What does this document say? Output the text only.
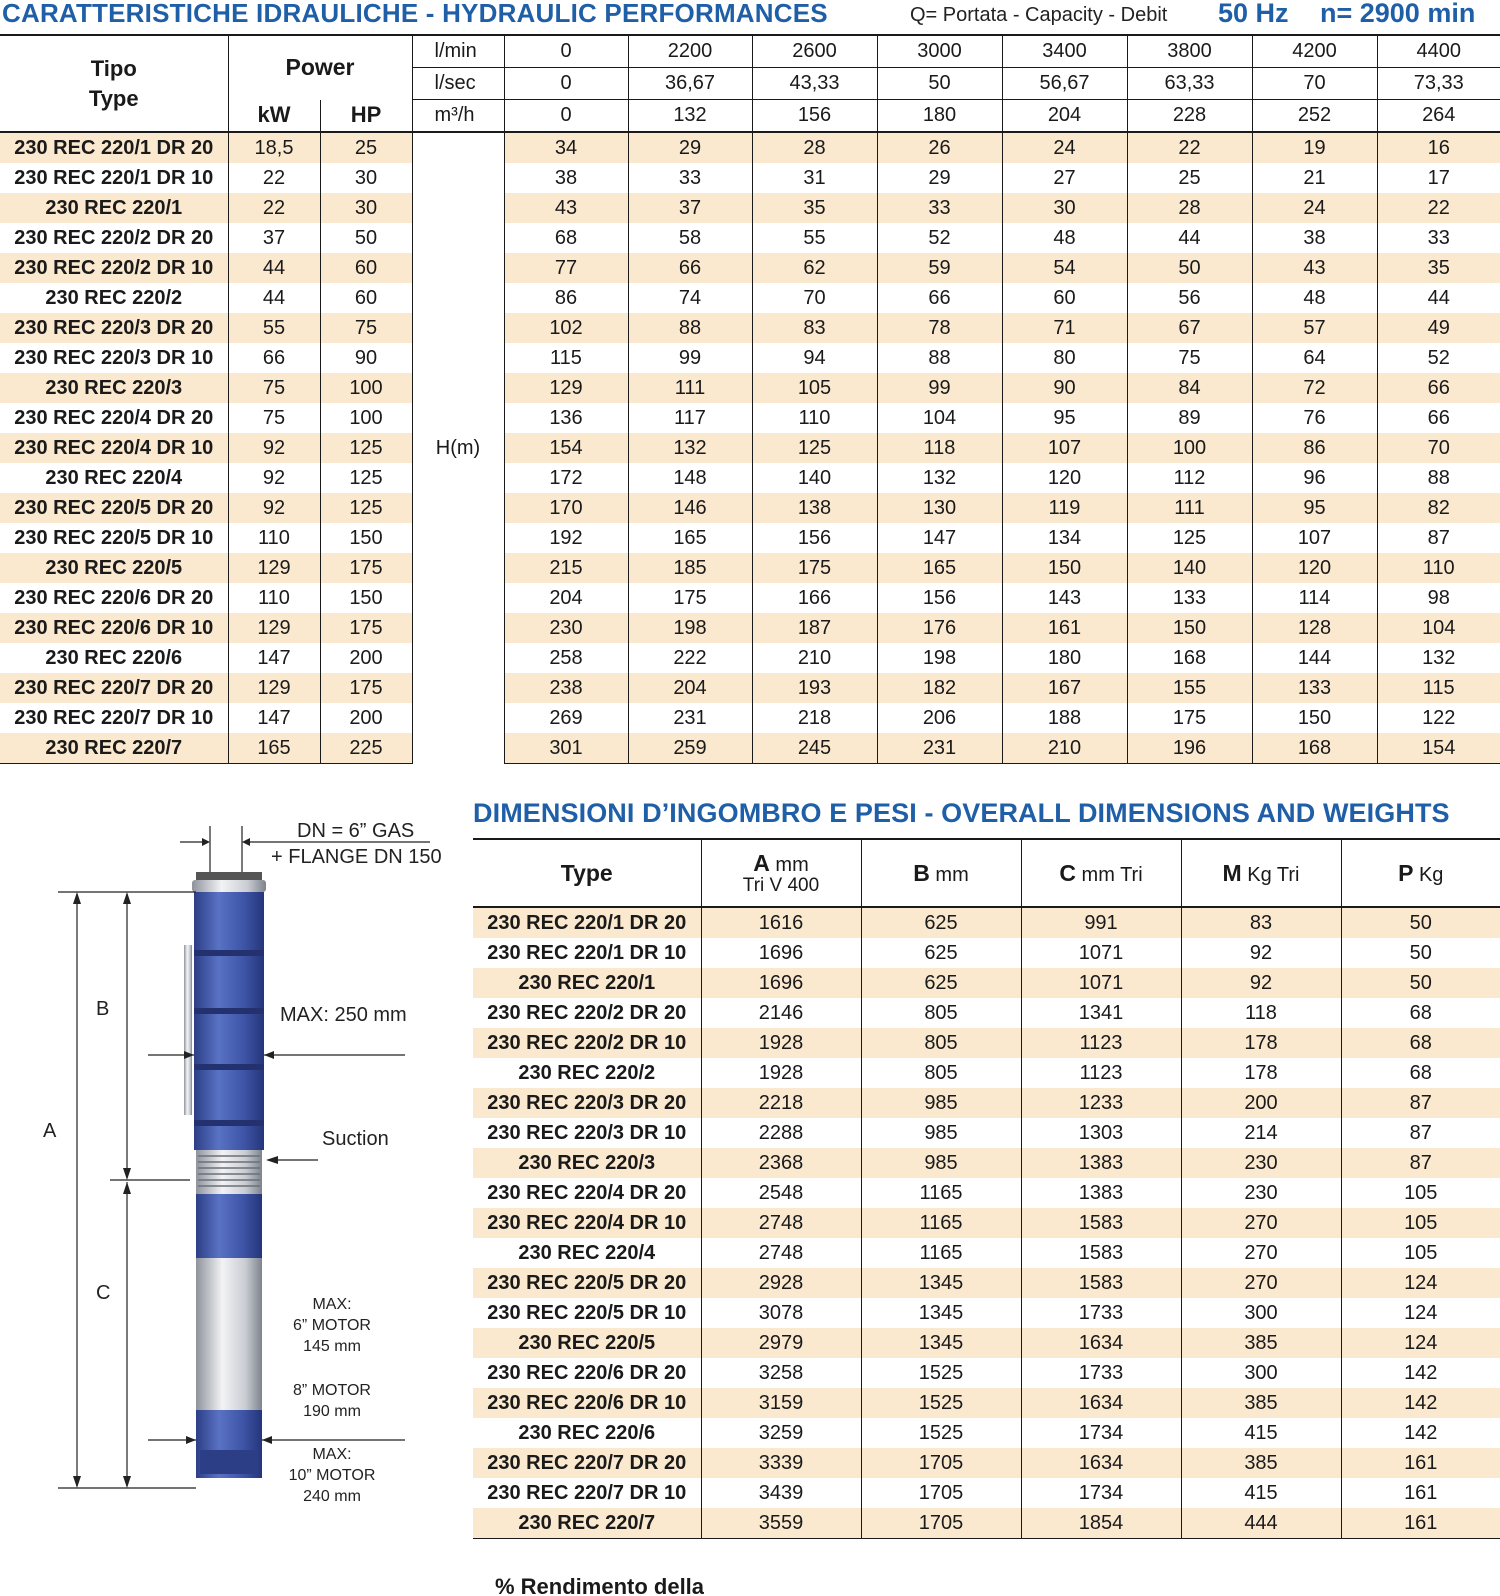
CARATTERISTICHE IDRAULICHE - HYDRAULIC PERFORMANCES	Q= Portata - Capacity - Debit 50 Hz n= 2900 min
Tipo
Type	Power		l/min	0	2200	2600	3000	3400	3800	4200	4400
			l/sec	0	36,67	43,33	50	56,67	63,33	70	73,33
	kW	HP	m³/h	0	132	156	180	204	228	252	264
230 REC 220/1 DR 20	18,5	25	H(m)	34	29	28	26	24	22	19	16
230 REC 220/1 DR 10	22	30		38	33	31	29	27	25	21	17
230 REC 220/1	22	30		43	37	35	33	30	28	24	22
230 REC 220/2 DR 20	37	50		68	58	55	52	48	44	38	33
230 REC 220/2 DR 10	44	60		77	66	62	59	54	50	43	35
230 REC 220/2	44	60		86	74	70	66	60	56	48	44
230 REC 220/3 DR 20	55	75		102	88	83	78	71	67	57	49
230 REC 220/3 DR 10	66	90		115	99	94	88	80	75	64	52
230 REC 220/3	75	100		129	111	105	99	90	84	72	66
230 REC 220/4 DR 20	75	100		136	117	110	104	95	89	76	66
230 REC 220/4 DR 10	92	125		154	132	125	118	107	100	86	70
230 REC 220/4	92	125		172	148	140	132	120	112	96	88
230 REC 220/5 DR 20	92	125		170	146	138	130	119	111	95	82
230 REC 220/5 DR 10	110	150		192	165	156	147	134	125	107	87
230 REC 220/5	129	175		215	185	175	165	150	140	120	110
230 REC 220/6 DR 20	110	150		204	175	166	156	143	133	114	98
230 REC 220/6 DR 10	129	175		230	198	187	176	161	150	128	104
230 REC 220/6	147	200		258	222	210	198	180	168	144	132
230 REC 220/7 DR 20	129	175		238	204	193	182	167	155	133	115
230 REC 220/7 DR 10	147	200		269	231	218	206	188	175	150	122
230 REC 220/7	165	225		301	259	245	231	210	196	168	154
DN = 6” GAS
+ FLANGE DN 150
MAX: 250 mm
Suction
A
B
C
MAX:
6” MOTOR
145 mm
8” MOTOR
190 mm
MAX:
10” MOTOR
240 mm
DIMENSIONI D’INGOMBRO E PESI - OVERALL DIMENSIONS AND WEIGHTS
Type	A mm
Tri V 400	B mm	C mm Tri	M Kg Tri	P Kg
230 REC 220/1 DR 20	1616	625	991	83	50
230 REC 220/1 DR 10	1696	625	1071	92	50
230 REC 220/1	1696	625	1071	92	50
230 REC 220/2 DR 20	2146	805	1341	118	68
230 REC 220/2 DR 10	1928	805	1123	178	68
230 REC 220/2	1928	805	1123	178	68
230 REC 220/3 DR 20	2218	985	1233	200	87
230 REC 220/3 DR 10	2288	985	1303	214	87
230 REC 220/3	2368	985	1383	230	87
230 REC 220/4 DR 20	2548	1165	1383	230	105
230 REC 220/4 DR 10	2748	1165	1583	270	105
230 REC 220/4	2748	1165	1583	270	105
230 REC 220/5 DR 20	2928	1345	1583	270	124
230 REC 220/5 DR 10	3078	1345	1733	300	124
230 REC 220/5	2979	1345	1634	385	124
230 REC 220/6 DR 20	3258	1525	1733	300	142
230 REC 220/6 DR 10	3159	1525	1634	385	142
230 REC 220/6	3259	1525	1734	415	142
230 REC 220/7 DR 20	3339	1705	1634	385	161
230 REC 220/7 DR 10	3439	1705	1734	415	161
230 REC 220/7	3559	1705	1854	444	161
% Rendimento della
